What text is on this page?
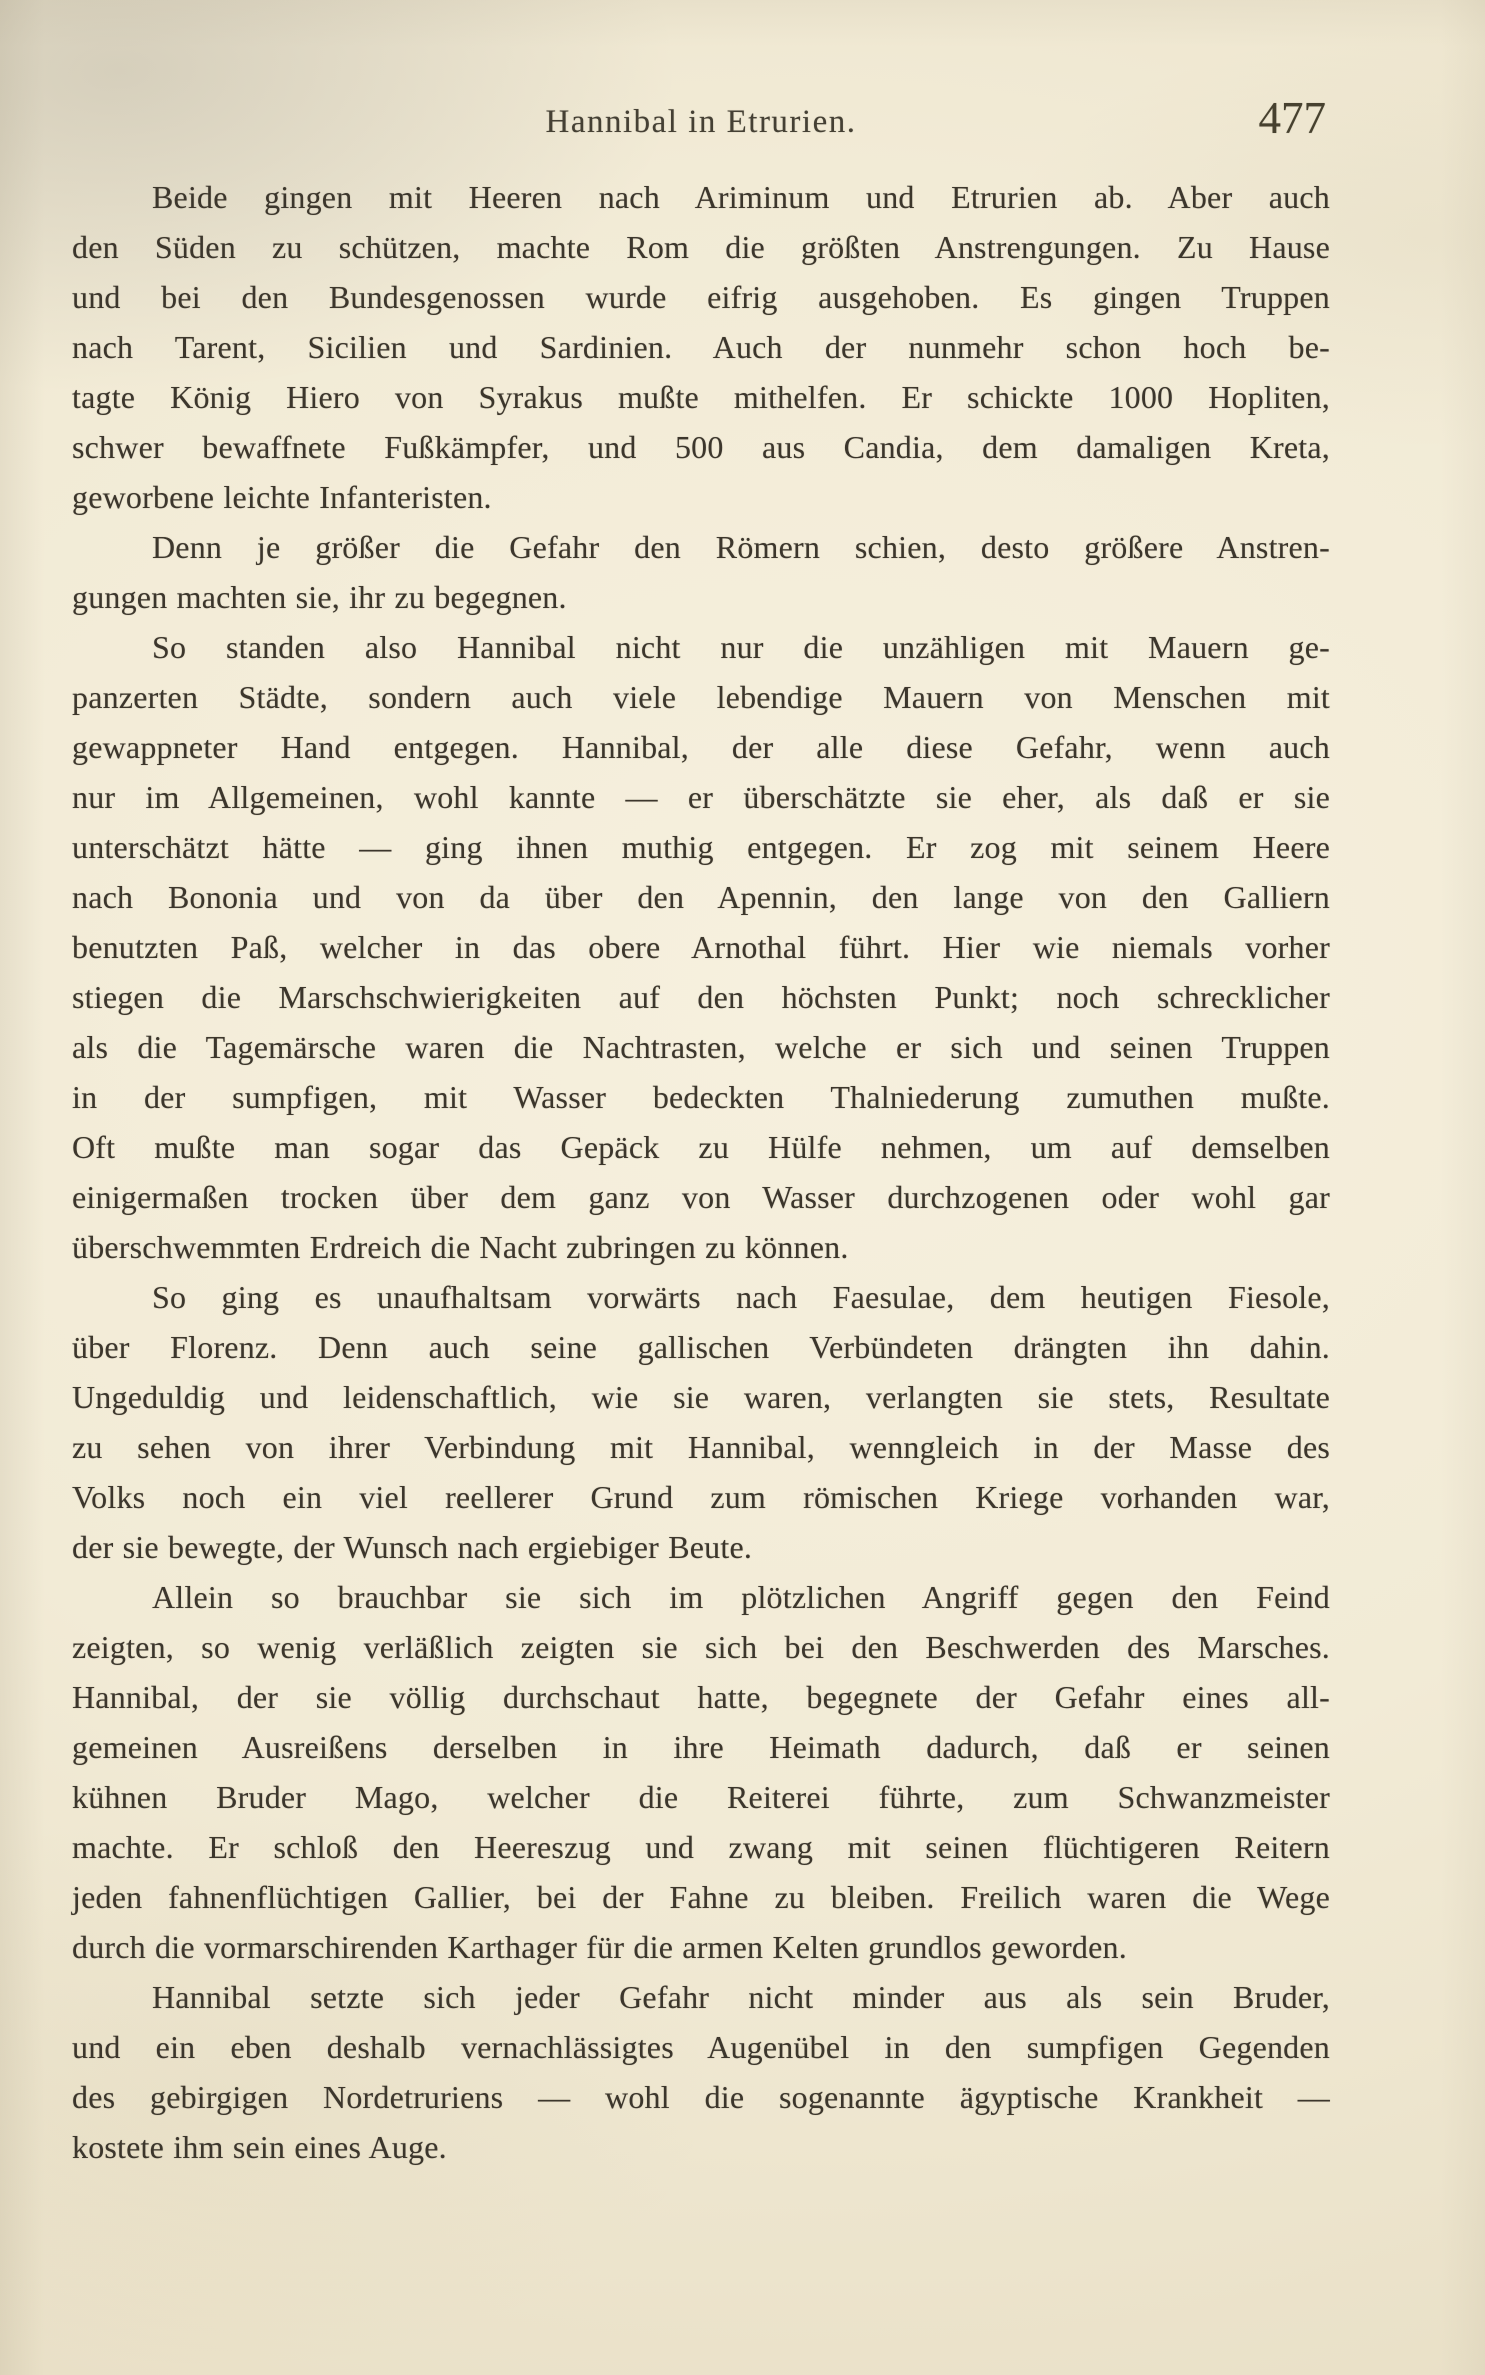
Hannibal in Etrurien.	477
Beide gingen mit Heeren nach Ariminum und Etrurien ab. Aber auch
den Süden zu schützen, machte Rom die größten Anstrengungen. Zu Hause
und bei den Bundesgenossen wurde eifrig ausgehoben. Es gingen Truppen
nach Tarent, Sicilien und Sardinien. Auch der nunmehr schon hoch be-
tagte König Hiero von Syrakus mußte mithelfen. Er schickte 1000 Hopliten,
schwer bewaffnete Fußkämpfer, und 500 aus Candia, dem damaligen Kreta,
geworbene leichte Infanteristen.
Denn je größer die Gefahr den Römern schien, desto größere Anstren-
gungen machten sie, ihr zu begegnen.
So standen also Hannibal nicht nur die unzähligen mit Mauern ge-
panzerten Städte, sondern auch viele lebendige Mauern von Menschen mit
gewappneter Hand entgegen. Hannibal, der alle diese Gefahr, wenn auch
nur im Allgemeinen, wohl kannte — er überschätzte sie eher, als daß er sie
unterschätzt hätte — ging ihnen muthig entgegen. Er zog mit seinem Heere
nach Bononia und von da über den Apennin, den lange von den Galliern
benutzten Paß, welcher in das obere Arnothal führt. Hier wie niemals vorher
stiegen die Marschschwierigkeiten auf den höchsten Punkt; noch schrecklicher
als die Tagemärsche waren die Nachtrasten, welche er sich und seinen Truppen
in der sumpfigen, mit Wasser bedeckten Thalniederung zumuthen mußte.
Oft mußte man sogar das Gepäck zu Hülfe nehmen, um auf demselben
einigermaßen trocken über dem ganz von Wasser durchzogenen oder wohl gar
überschwemmten Erdreich die Nacht zubringen zu können.
So ging es unaufhaltsam vorwärts nach Faesulae, dem heutigen Fiesole,
über Florenz. Denn auch seine gallischen Verbündeten drängten ihn dahin.
Ungeduldig und leidenschaftlich, wie sie waren, verlangten sie stets, Resultate
zu sehen von ihrer Verbindung mit Hannibal, wenngleich in der Masse des
Volks noch ein viel reellerer Grund zum römischen Kriege vorhanden war,
der sie bewegte, der Wunsch nach ergiebiger Beute.
Allein so brauchbar sie sich im plötzlichen Angriff gegen den Feind
zeigten, so wenig verläßlich zeigten sie sich bei den Beschwerden des Marsches.
Hannibal, der sie völlig durchschaut hatte, begegnete der Gefahr eines all-
gemeinen Ausreißens derselben in ihre Heimath dadurch, daß er seinen
kühnen Bruder Mago, welcher die Reiterei führte, zum Schwanzmeister
machte. Er schloß den Heereszug und zwang mit seinen flüchtigeren Reitern
jeden fahnenflüchtigen Gallier, bei der Fahne zu bleiben. Freilich waren die Wege
durch die vormarschirenden Karthager für die armen Kelten grundlos geworden.
Hannibal setzte sich jeder Gefahr nicht minder aus als sein Bruder,
und ein eben deshalb vernachlässigtes Augenübel in den sumpfigen Gegenden
des gebirgigen Nordetruriens — wohl die sogenannte ägyptische Krankheit —
kostete ihm sein eines Auge.
